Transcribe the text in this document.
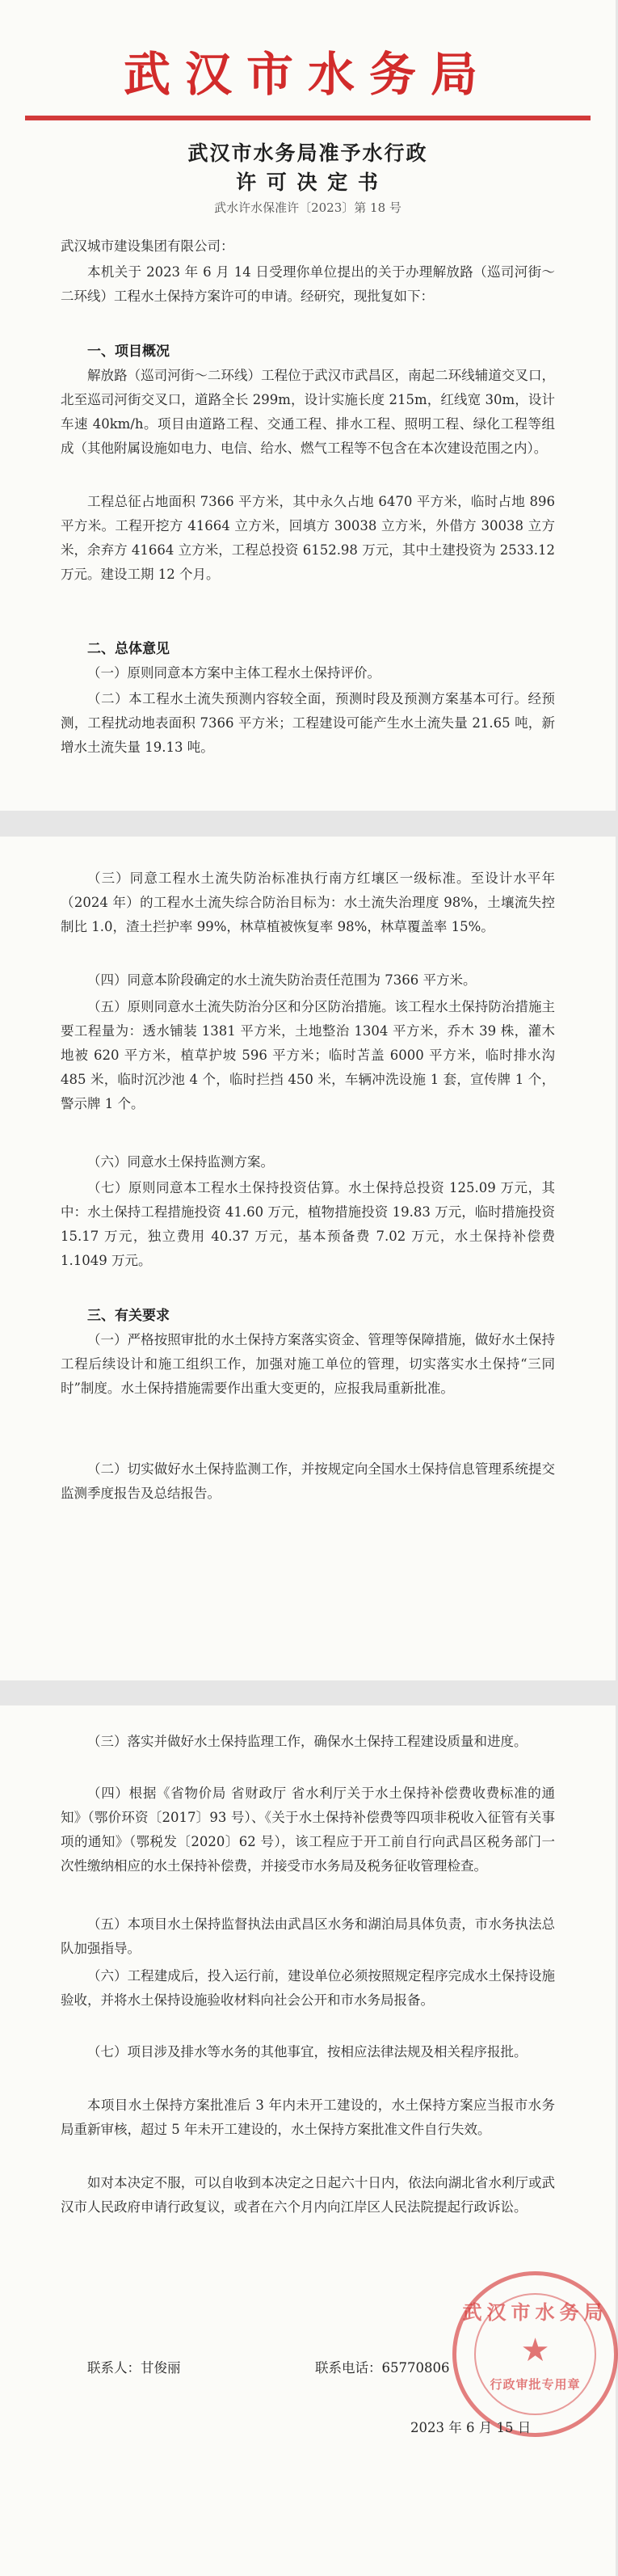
武汉市水务局
武汉市水务局准予水行政
许 可 决 定 书
武水许水保准许〔2023〕第 18 号

武汉城市建设集团有限公司：

本机关于 2023 年 6 月 14 日受理你单位提出的关于办理解放路（巡司河街～二环线）工程水土保持方案许可的申请。经研究，现批复如下：

一、项目概况

解放路（巡司河街～二环线）工程位于武汉市武昌区，南起二环线辅道交叉口，北至巡司河街交叉口，道路全长 299m，设计实施长度 215m，红线宽 30m，设计车速 40km/h。项目由道路工程、交通工程、排水工程、照明工程、绿化工程等组成（其他附属设施如电力、电信、给水、燃气工程等不包含在本次建设范围之内）。

工程总征占地面积 7366 平方米，其中永久占地 6470 平方米，临时占地 896 平方米。工程开挖方 41664 立方米，回填方 30038 立方米，外借方 30038 立方米，余弃方 41664 立方米，工程总投资 6152.98 万元，其中土建投资为 2533.12 万元。建设工期 12 个月。

二、总体意见

（一）原则同意本方案中主体工程水土保持评价。

（二）本工程水土流失预测内容较全面，预测时段及预测方案基本可行。经预测，工程扰动地表面积 7366 平方米；工程建设可能产生水土流失量 21.65 吨，新增水土流失量 19.13 吨。

（三）同意工程水土流失防治标准执行南方红壤区一级标准。至设计水平年（2024 年）的工程水土流失综合防治目标为：水土流失治理度 98%，土壤流失控制比 1.0，渣土拦护率 99%，林草植被恢复率 98%，林草覆盖率 15%。

（四）同意本阶段确定的水土流失防治责任范围为 7366 平方米。

（五）原则同意水土流失防治分区和分区防治措施。该工程水土保持防治措施主要工程量为：透水铺装 1381 平方米，土地整治 1304 平方米，乔木 39 株，灌木地被 620 平方米，植草护坡 596 平方米；临时苫盖 6000 平方米，临时排水沟 485 米，临时沉沙池 4 个，临时拦挡 450 米，车辆冲洗设施 1 套，宣传牌 1 个，警示牌 1 个。

（六）同意水土保持监测方案。

（七）原则同意本工程水土保持投资估算。水土保持总投资 125.09 万元，其中：水土保持工程措施投资 41.60 万元，植物措施投资 19.83 万元，临时措施投资 15.17 万元，独立费用 40.37 万元，基本预备费 7.02 万元，水土保持补偿费 1.1049 万元。

三、有关要求

（一）严格按照审批的水土保持方案落实资金、管理等保障措施，做好水土保持工程后续设计和施工组织工作，加强对施工单位的管理，切实落实水土保持“三同时”制度。水土保持措施需要作出重大变更的，应报我局重新批准。

（二）切实做好水土保持监测工作，并按规定向全国水土保持信息管理系统提交监测季度报告及总结报告。

（三）落实并做好水土保持监理工作，确保水土保持工程建设质量和进度。

（四）根据《省物价局 省财政厅 省水利厅关于水土保持补偿费收费标准的通知》（鄂价环资〔2017〕93 号）、《关于水土保持补偿费等四项非税收入征管有关事项的通知》（鄂税发〔2020〕62 号），该工程应于开工前自行向武昌区税务部门一次性缴纳相应的水土保持补偿费，并接受市水务局及税务征收管理检查。

（五）本项目水土保持监督执法由武昌区水务和湖泊局具体负责，市水务执法总队加强指导。

（六）工程建成后，投入运行前，建设单位必须按照规定程序完成水土保持设施验收，并将水土保持设施验收材料向社会公开和市水务局报备。

（七）项目涉及排水等水务的其他事宜，按相应法律法规及相关程序报批。

本项目水土保持方案批准后 3 年内未开工建设的，水土保持方案应当报市水务局重新审核，超过 5 年未开工建设的，水土保持方案批准文件自行失效。

如对本决定不服，可以自收到本决定之日起六十日内，依法向湖北省水利厅或武汉市人民政府申请行政复议，或者在六个月内向江岸区人民法院提起行政诉讼。

联系人：甘俊丽	联系电话：65770806
武汉市水务局
★
行政审批专用章
2023 年 6 月 15 日
